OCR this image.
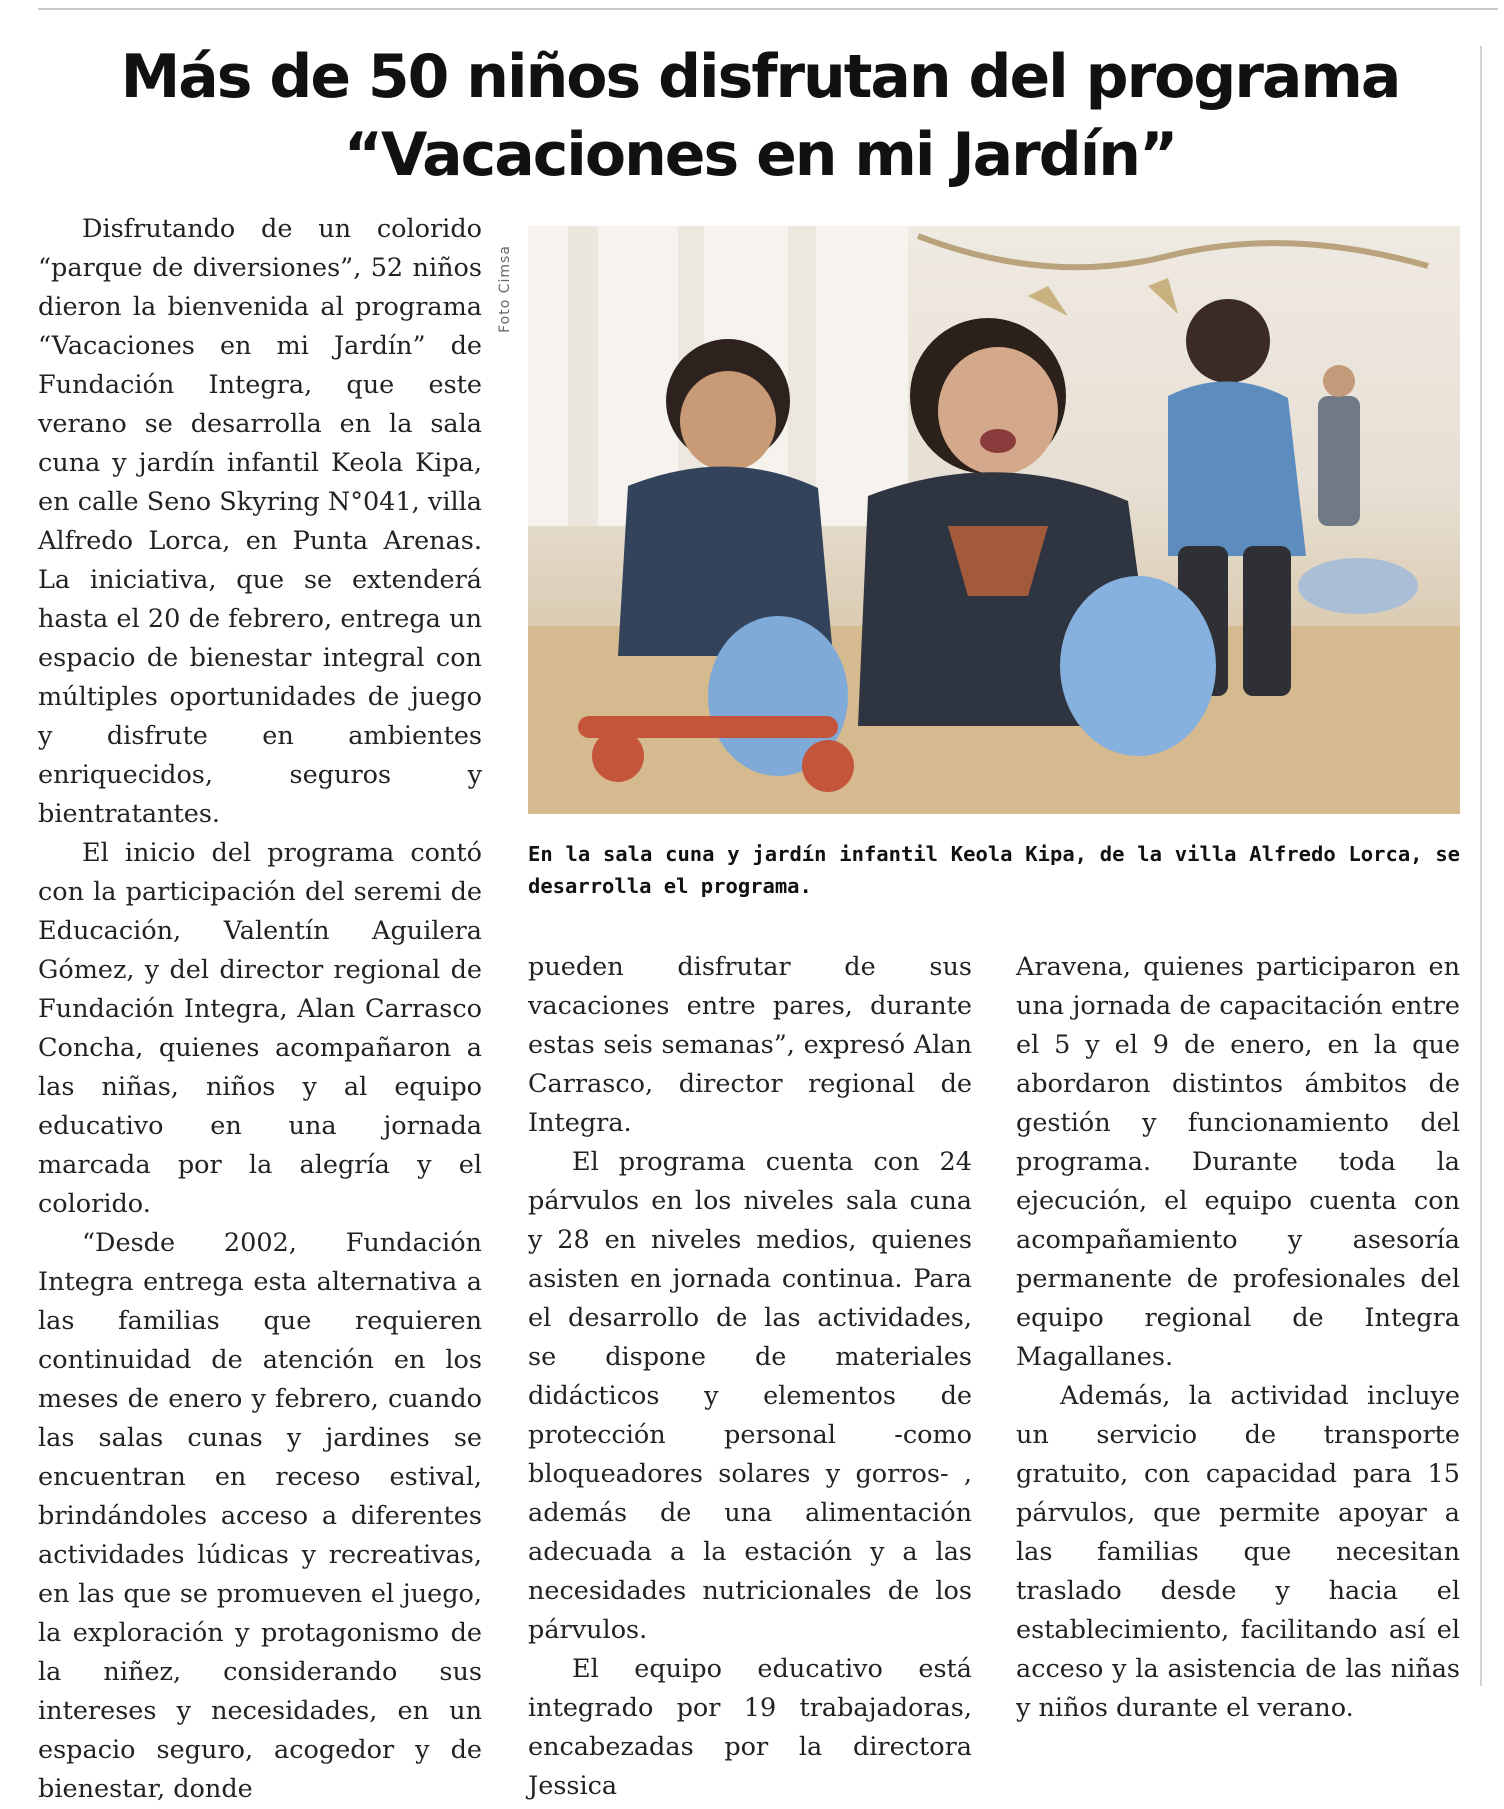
Más de 50 niños disfrutan del programa “Vacaciones en mi Jardín”

Disfrutando de un colorido “parque de diversiones”, 52 niños dieron la bienvenida al programa “Vacaciones en mi Jardín” de Fundación Integra, que este verano se desarrolla en la sala cuna y jardín infantil Keola Kipa, en calle Seno Skyring N°041, villa Alfredo Lorca, en Punta Arenas. La iniciativa, que se extenderá hasta el 20 de febrero, entrega un espacio de bienestar integral con múltiples oportunidades de juego y disfrute en ambientes enriquecidos, seguros y bientratantes.

El inicio del programa contó con la participación del seremi de Educación, Valentín Aguilera Gómez, y del director regional de Fundación Integra, Alan Carrasco Concha, quienes acompañaron a las niñas, niños y al equipo educativo en una jornada marcada por la alegría y el colorido.

“Desde 2002, Fundación Integra entrega esta alternativa a las familias que requieren continuidad de atención en los meses de enero y febrero, cuando las salas cunas y jardines se encuentran en receso estival, brindándoles acceso a diferentes actividades lúdicas y recreativas, en las que se promueven el juego, la exploración y protagonismo de la niñez, considerando sus intereses y necesidades, en un espacio seguro, acogedor y de bienestar, donde

Foto Cimsa
En la sala cuna y jardín infantil Keola Kipa, de la villa Alfredo Lorca, se desarrolla el programa.

pueden disfrutar de sus vacaciones entre pares, durante estas seis semanas”, expresó Alan Carrasco, director regional de Integra.

El programa cuenta con 24 párvulos en los niveles sala cuna y 28 en niveles medios, quienes asisten en jornada continua. Para el desarrollo de las actividades, se dispone de materiales didácticos y elementos de protección personal -como bloqueadores solares y gorros- , además de una alimentación adecuada a la estación y a las necesidades nutricionales de los párvulos.

El equipo educativo está integrado por 19 trabajadoras, encabezadas por la directora Jessica

Aravena, quienes participaron en una jornada de capacitación entre el 5 y el 9 de enero, en la que abordaron distintos ámbitos de gestión y funcionamiento del programa. Durante toda la ejecución, el equipo cuenta con acompañamiento y asesoría permanente de profesionales del equipo regional de Integra Magallanes.

Además, la actividad incluye un servicio de transporte gratuito, con capacidad para 15 párvulos, que permite apoyar a las familias que necesitan traslado desde y hacia el establecimiento, facilitando así el acceso y la asistencia de las niñas y niños durante el verano.
